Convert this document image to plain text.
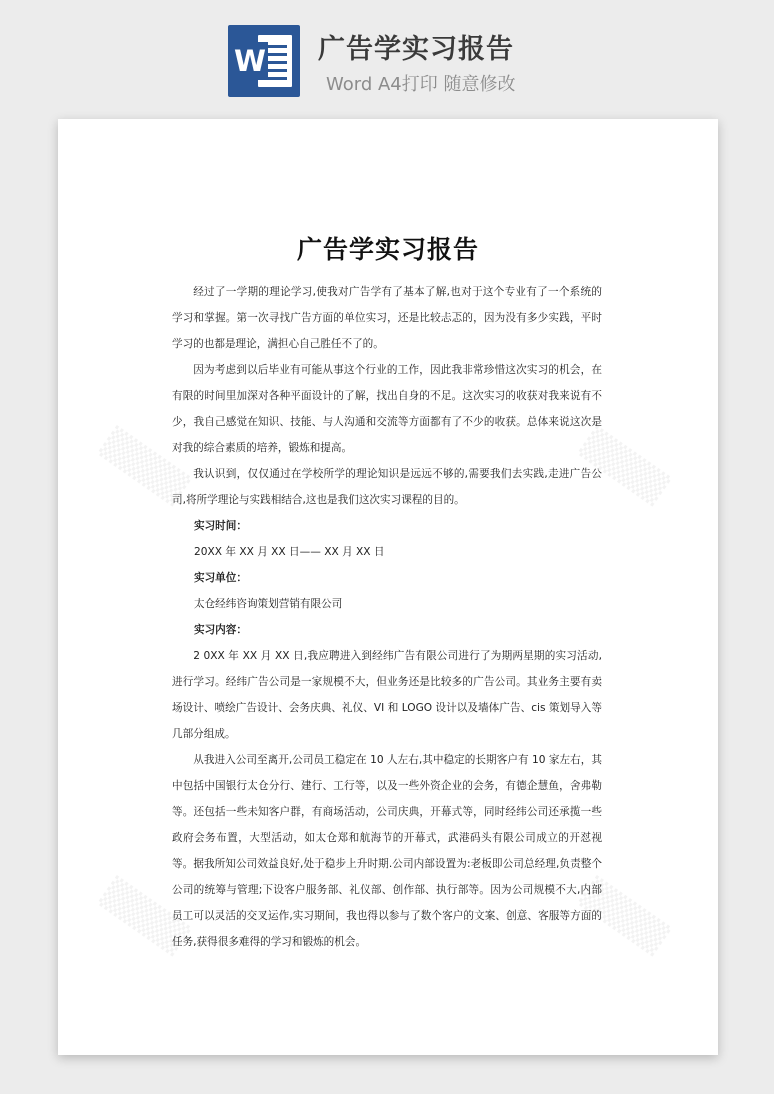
W 广告学实习报告
Word A4打印 随意修改
▒▒▒▒	▒▒▒▒
▒▒▒▒	▒▒▒▒
广告学实习报告

经过了一学期的理论学习,使我对广告学有了基本了解,也对于这个专业有了一个系统的学习和掌握。第一次寻找广告方面的单位实习，还是比较忐忑的，因为没有多少实践，平时学习的也都是理论，满担心自己胜任不了的。

因为考虑到以后毕业有可能从事这个行业的工作，因此我非常珍惜这次实习的机会，在有限的时间里加深对各种平面设计的了解，找出自身的不足。这次实习的收获对我来说有不少，我自己感觉在知识、技能、与人沟通和交流等方面都有了不少的收获。总体来说这次是对我的综合素质的培养，锻炼和提高。

我认识到，仅仅通过在学校所学的理论知识是远远不够的,需要我们去实践,走进广告公司,将所学理论与实践相结合,这也是我们这次实习课程的目的。

实习时间：

20XX 年 XX 月 XX 日—— XX 月 XX 日

实习单位：

太仓经纬咨询策划营销有限公司

实习内容：

2 0XX 年 XX 月 XX 日,我应聘进入到经纬广告有限公司进行了为期两星期的实习活动,进行学习。经纬广告公司是一家规模不大，但业务还是比较多的广告公司。其业务主要有卖场设计、喷绘广告设计、会务庆典、礼仪、VI 和 LOGO 设计以及墙体广告、cis 策划导入等几部分组成。

从我进入公司至离开,公司员工稳定在 10 人左右,其中稳定的长期客户有 10 家左右，其中包括中国银行太仓分行、建行、工行等，以及一些外资企业的会务，有德企慧鱼，舍弗勒等。还包括一些未知客户群，有商场活动，公司庆典，开幕式等，同时经纬公司还承揽一些政府会务布置，大型活动，如太仓郑和航海节的开幕式，武港码头有限公司成立的开怼视等。据我所知公司效益良好,处于稳步上升时期.公司内部设置为:老板即公司总经理,负责整个公司的统筹与管理;下设客户服务部、礼仪部、创作部、执行部等。因为公司规模不大,内部员工可以灵活的交叉运作,实习期间，我也得以参与了数个客户的文案、创意、客服等方面的任务,获得很多难得的学习和锻炼的机会。
